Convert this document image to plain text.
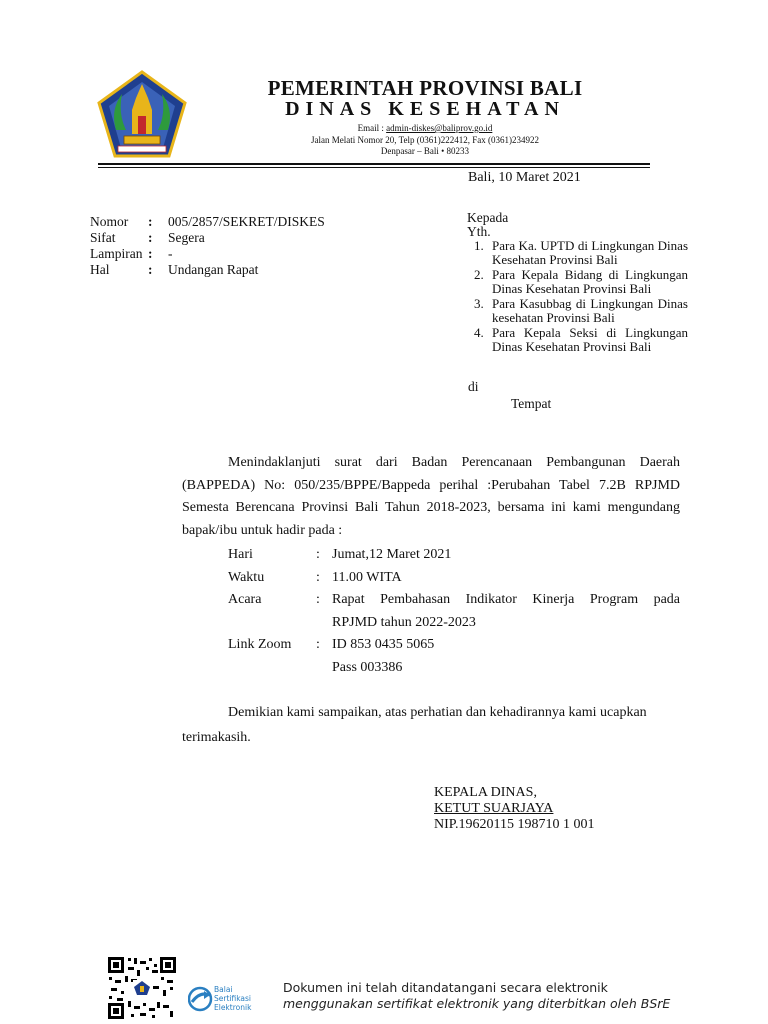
PEMERINTAH PROVINSI BALI
DINAS KESEHATAN
Email : admin-diskes@baliprov.go.id
Jalan Melati Nomor 20, Telp (0361)222412, Fax (0361)234922
Denpasar – Bali • 80233
Bali, 10 Maret 2021
Nomor	:	005/2857/SEKRET/DISKES
Sifat	:	Segera
Lampiran :	-
Hal	:	Undangan Rapat
Kepada
Yth.
1. Para Ka. UPTD di Lingkungan Dinas Kesehatan Provinsi Bali
2. Para Kepala Bidang di Lingkungan Dinas Kesehatan Provinsi Bali
3. Para Kasubbag di Lingkungan Dinas kesehatan Provinsi Bali
4. Para Kepala Seksi di Lingkungan Dinas Kesehatan Provinsi Bali
di
Tempat
Menindaklanjuti surat dari Badan Perencanaan Pembangunan Daerah (BAPPEDA) No: 050/235/BPPE/Bappeda perihal :Perubahan Tabel 7.2B RPJMD Semesta Berencana Provinsi Bali Tahun 2018-2023, bersama ini kami mengundang bapak/ibu untuk hadir pada :
Hari	: Jumat,12 Maret 2021
Waktu	: 11.00 WITA
Acara	: Rapat Pembahasan Indikator Kinerja Program pada
RPJMD tahun 2022-2023
Link Zoom	: ID 853 0435 5065
Pass 003386
Demikian kami sampaikan, atas perhatian dan kehadirannya kami ucapkan terimakasih.
KEPALA DINAS,
KETUT SUARJAYA
NIP.19620115 198710 1 001
Balai
Sertifikasi
Elektronik
Dokumen ini telah ditandatangani secara elektronik
menggunakan sertifikat elektronik yang diterbitkan oleh BSrE
